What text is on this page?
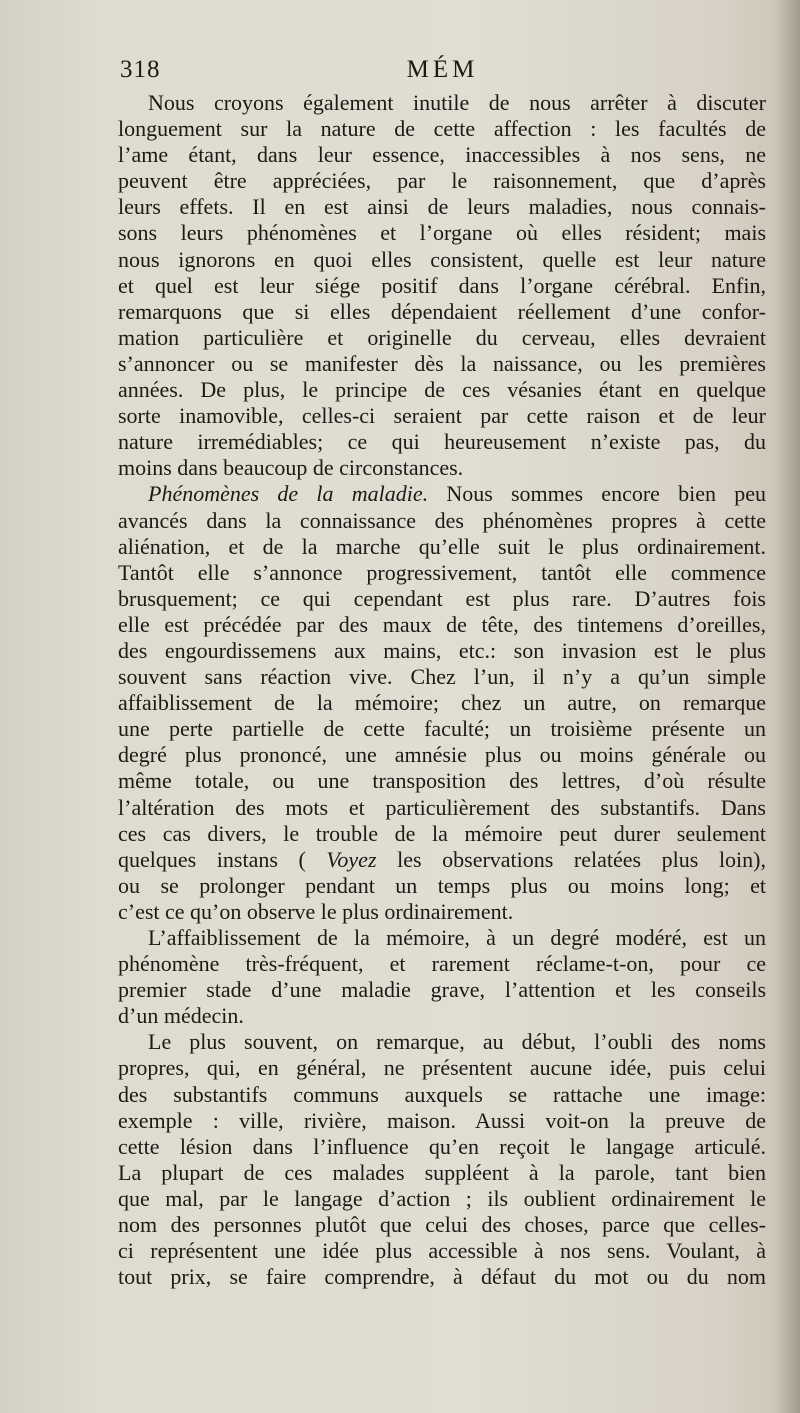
318	MÉM
Nous croyons également inutile de nous arrêter à discuter
longuement sur la nature de cette affection : les facultés de
l’ame étant, dans leur essence, inaccessibles à nos sens, ne
peuvent être appréciées, par le raisonnement, que d’après
leurs effets. Il en est ainsi de leurs maladies, nous connais-
sons leurs phénomènes et l’organe où elles résident; mais
nous ignorons en quoi elles consistent, quelle est leur nature
et quel est leur siége positif dans l’organe cérébral. Enfin,
remarquons que si elles dépendaient réellement d’une confor-
mation particulière et originelle du cerveau, elles devraient
s’annoncer ou se manifester dès la naissance, ou les premières
années. De plus, le principe de ces vésanies étant en quelque
sorte inamovible, celles-ci seraient par cette raison et de leur
nature irremédiables; ce qui heureusement n’existe pas, du
moins dans beaucoup de circonstances.
Phénomènes de la maladie. Nous sommes encore bien peu
avancés dans la connaissance des phénomènes propres à cette
aliénation, et de la marche qu’elle suit le plus ordinairement.
Tantôt elle s’annonce progressivement, tantôt elle commence
brusquement; ce qui cependant est plus rare. D’autres fois
elle est précédée par des maux de tête, des tintemens d’oreilles,
des engourdissemens aux mains, etc.: son invasion est le plus
souvent sans réaction vive. Chez l’un, il n’y a qu’un simple
affaiblissement de la mémoire; chez un autre, on remarque
une perte partielle de cette faculté; un troisième présente un
degré plus prononcé, une amnésie plus ou moins générale ou
même totale, ou une transposition des lettres, d’où résulte
l’altération des mots et particulièrement des substantifs. Dans
ces cas divers, le trouble de la mémoire peut durer seulement
quelques instans ( Voyez les observations relatées plus loin),
ou se prolonger pendant un temps plus ou moins long; et
c’est ce qu’on observe le plus ordinairement.
L’affaiblissement de la mémoire, à un degré modéré, est un
phénomène très-fréquent, et rarement réclame-t-on, pour ce
premier stade d’une maladie grave, l’attention et les conseils
d’un médecin.
Le plus souvent, on remarque, au début, l’oubli des noms
propres, qui, en général, ne présentent aucune idée, puis celui
des substantifs communs auxquels se rattache une image:
exemple : ville, rivière, maison. Aussi voit-on la preuve de
cette lésion dans l’influence qu’en reçoit le langage articulé.
La plupart de ces malades suppléent à la parole, tant bien
que mal, par le langage d’action ; ils oublient ordinairement le
nom des personnes plutôt que celui des choses, parce que celles-
ci représentent une idée plus accessible à nos sens. Voulant, à
tout prix, se faire comprendre, à défaut du mot ou du nom
